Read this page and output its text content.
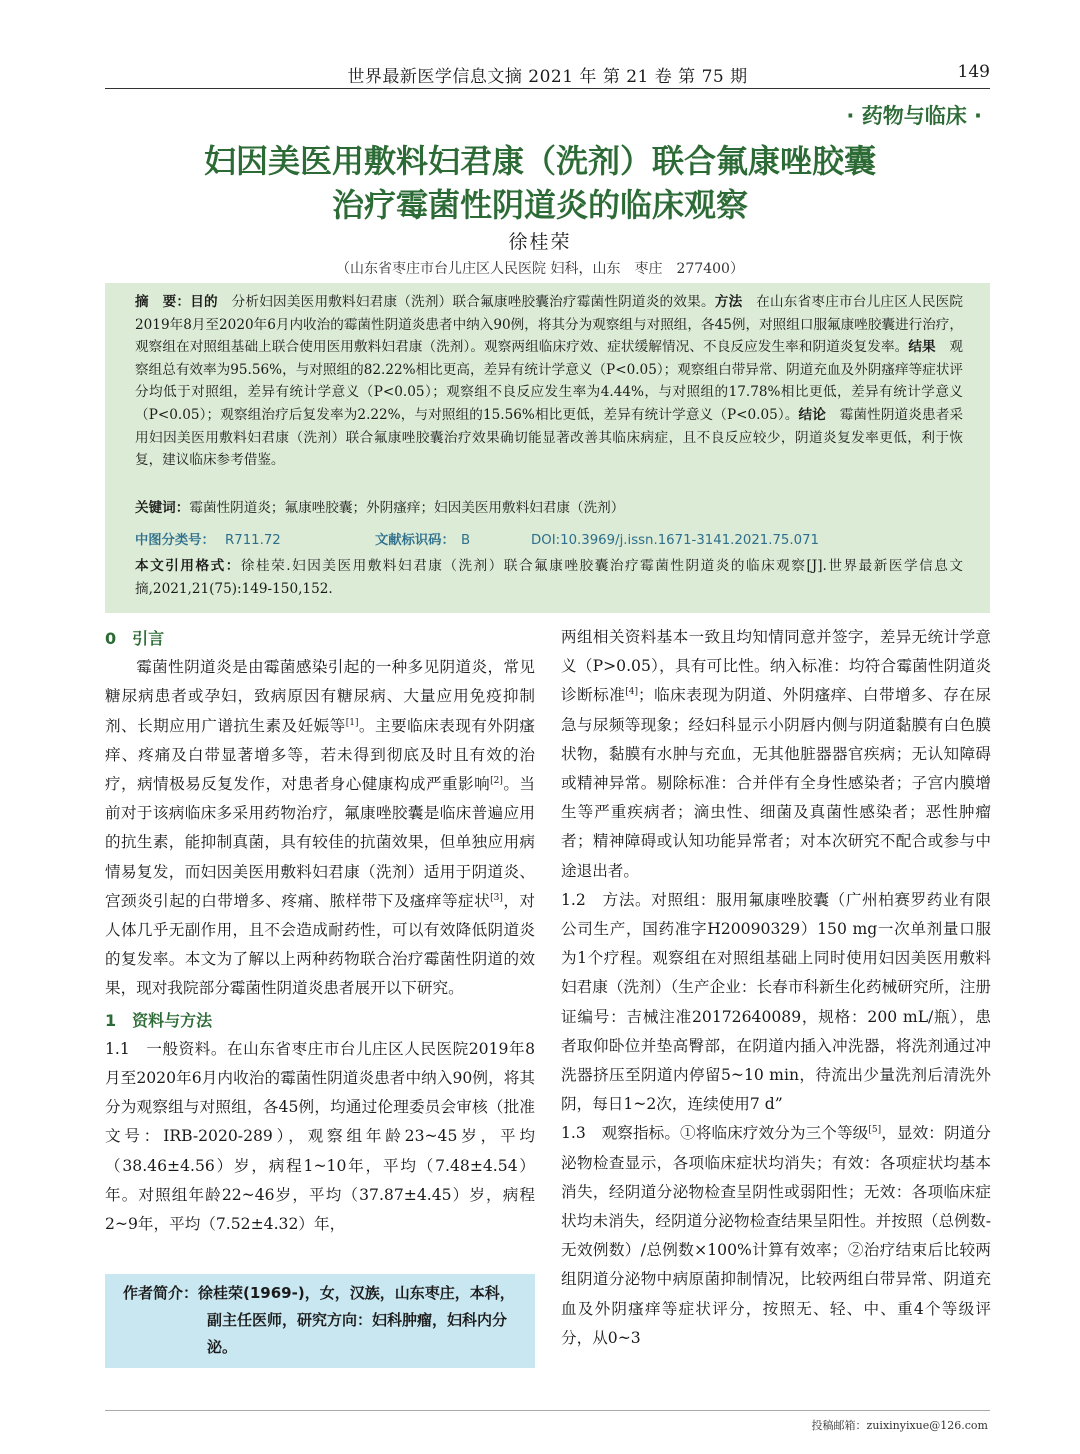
世界最新医学信息文摘 2021 年 第 21 卷 第 75 期	149
· 药物与临床 ·
妇因美医用敷料妇君康（洗剂）联合氟康唑胶囊
治疗霉菌性阴道炎的临床观察
徐桂荣
（山东省枣庄市台儿庄区人民医院 妇科，山东　枣庄　277400）
摘　要：目的　分析妇因美医用敷料妇君康（洗剂）联合氟康唑胶囊治疗霉菌性阴道炎的效果。方法　在山东省枣庄市台儿庄区人民医院2019年8月至2020年6月内收治的霉菌性阴道炎患者中纳入90例，将其分为观察组与对照组，各45例，对照组口服氟康唑胶囊进行治疗，观察组在对照组基础上联合使用医用敷料妇君康（洗剂）。观察两组临床疗效、症状缓解情况、不良反应发生率和阴道炎复发率。结果　观察组总有效率为95.56%，与对照组的82.22%相比更高，差异有统计学意义（P<0.05）；观察组白带异常、阴道充血及外阴瘙痒等症状评分均低于对照组，差异有统计学意义（P<0.05）；观察组不良反应发生率为4.44%，与对照组的17.78%相比更低，差异有统计学意义（P<0.05）；观察组治疗后复发率为2.22%，与对照组的15.56%相比更低，差异有统计学意义（P<0.05）。结论　霉菌性阴道炎患者采用妇因美医用敷料妇君康（洗剂）联合氟康唑胶囊治疗效果确切能显著改善其临床病症，且不良反应较少，阴道炎复发率更低，利于恢复，建议临床参考借鉴。
关键词：霉菌性阴道炎；氟康唑胶囊；外阴瘙痒；妇因美医用敷料妇君康（洗剂）
中图分类号： R711.72	文献标识码： B	DOI:10.3969/j.issn.1671-3141.2021.75.071
本文引用格式：徐桂荣.妇因美医用敷料妇君康（洗剂）联合氟康唑胶囊治疗霉菌性阴道炎的临床观察[J].世界最新医学信息文摘,2021,21(75):149-150,152.

0　引言

霉菌性阴道炎是由霉菌感染引起的一种多见阴道炎，常见糖尿病患者或孕妇，致病原因有糖尿病、大量应用免疫抑制剂、长期应用广谱抗生素及妊娠等[1]。主要临床表现有外阴瘙痒、疼痛及白带显著增多等，若未得到彻底及时且有效的治疗，病情极易反复发作，对患者身心健康构成严重影响[2]。当前对于该病临床多采用药物治疗，氟康唑胶囊是临床普遍应用的抗生素，能抑制真菌，具有较佳的抗菌效果，但单独应用病情易复发，而妇因美医用敷料妇君康（洗剂）适用于阴道炎、宫颈炎引起的白带增多、疼痛、脓样带下及瘙痒等症状[3]，对人体几乎无副作用，且不会造成耐药性，可以有效降低阴道炎的复发率。本文为了解以上两种药物联合治疗霉菌性阴道的效果，现对我院部分霉菌性阴道炎患者展开以下研究。

1　资料与方法

1.1　一般资料。在山东省枣庄市台儿庄区人民医院2019年8月至2020年6月内收治的霉菌性阴道炎患者中纳入90例，将其分为观察组与对照组，各45例，均通过伦理委员会审核（批准文号：IRB-2020-289），观察组年龄23~45岁，平均（38.46±4.56）岁，病程1~10年，平均（7.48±4.54）年。对照组年龄22~46岁，平均（37.87±4.45）岁，病程2~9年，平均（7.52±4.32）年，

作者简介：徐桂荣(1969-)，女，汉族，山东枣庄，本科，副主任医师，研究方向：妇科肿瘤，妇科内分泌。

两组相关资料基本一致且均知情同意并签字，差异无统计学意义（P>0.05），具有可比性。纳入标准：均符合霉菌性阴道炎诊断标准[4]；临床表现为阴道、外阴瘙痒、白带增多、存在尿急与尿频等现象；经妇科显示小阴唇内侧与阴道黏膜有白色膜状物，黏膜有水肿与充血，无其他脏器器官疾病；无认知障碍或精神异常。剔除标准：合并伴有全身性感染者；子宫内膜增生等严重疾病者；滴虫性、细菌及真菌性感染者；恶性肿瘤者；精神障碍或认知功能异常者；对本次研究不配合或参与中途退出者。

1.2　方法。对照组：服用氟康唑胶囊（广州柏赛罗药业有限公司生产，国药准字H20090329）150 mg一次单剂量口服为1个疗程。观察组在对照组基础上同时使用妇因美医用敷料妇君康（洗剂）（生产企业：长春市科新生化药械研究所，注册证编号：吉械注准20172640089，规格：200 mL/瓶），患者取仰卧位并垫高臀部，在阴道内插入冲洗器，将洗剂通过冲洗器挤压至阴道内停留5~10 min，待流出少量洗剂后清洗外阴，每日1~2次，连续使用7 d”

1.3　观察指标。①将临床疗效分为三个等级[5]，显效：阴道分泌物检查显示，各项临床症状均消失；有效：各项症状均基本消失，经阴道分泌物检查呈阴性或弱阳性；无效：各项临床症状均未消失，经阴道分泌物检查结果呈阳性。并按照（总例数-无效例数）/总例数×100%计算有效率；②治疗结束后比较两组阴道分泌物中病原菌抑制情况，比较两组白带异常、阴道充血及外阴瘙痒等症状评分，按照无、轻、中、重4个等级评分，从0~3

投稿邮箱：zuixinyixue@126.com
